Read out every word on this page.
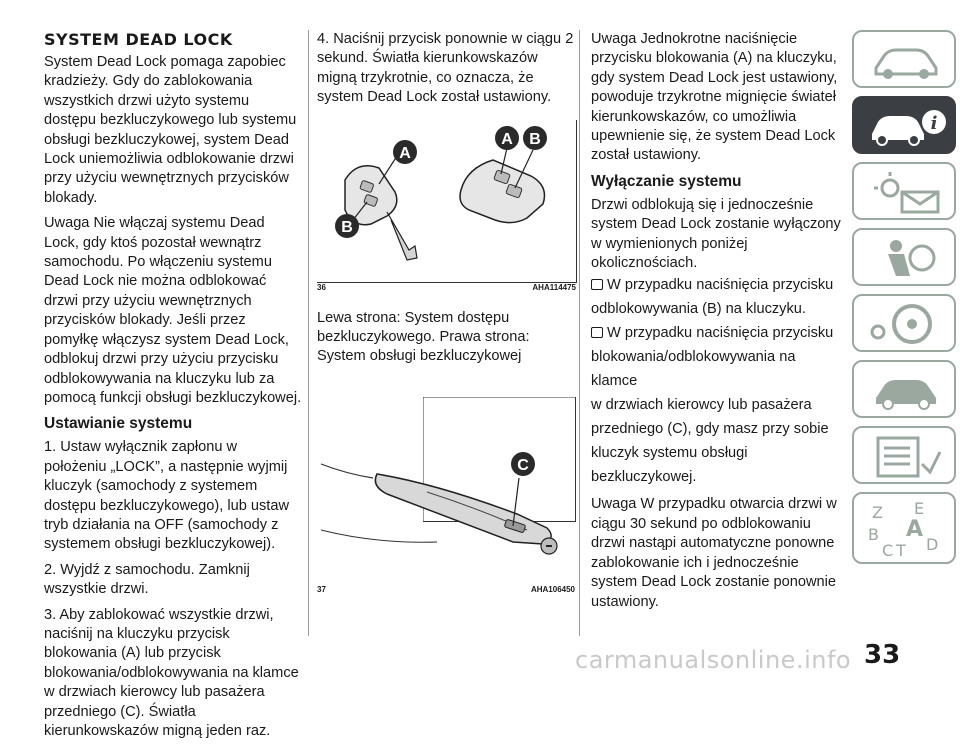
SYSTEM DEAD LOCK

System Dead Lock pomaga zapobiec kradzieży. Gdy do zablokowania wszystkich drzwi użyto systemu dostępu bezkluczykowego lub systemu obsługi bezkluczykowej, system Dead Lock uniemożliwia odblokowanie drzwi przy użyciu wewnętrznych przycisków blokady.

Uwaga Nie włączaj systemu Dead Lock, gdy ktoś pozostał wewnątrz samochodu. Po włączeniu systemu Dead Lock nie można odblokować drzwi przy użyciu wewnętrznych przycisków blokady. Jeśli przez pomyłkę włączysz system Dead Lock, odblokuj drzwi przy użyciu przycisku odblokowywania na kluczyku lub za pomocą funkcji obsługi bezkluczykowej.

Ustawianie systemu

1. Ustaw wyłącznik zapłonu w położeniu „LOCK”, a następnie wyjmij kluczyk (samochody z systemem dostępu bezkluczykowego), lub ustaw tryb działania na OFF (samochody z systemem obsługi bezkluczykowej).

2. Wyjdź z samochodu. Zamknij wszystkie drzwi.

3. Aby zablokować wszystkie drzwi, naciśnij na kluczyku przycisk blokowania (A) lub przycisk blokowania/odblokowywania na klamce w drzwiach kierowcy lub pasażera przedniego (C). Światła kierunkowskazów migną jeden raz.

4. Naciśnij przycisk ponownie w ciągu 2 sekund. Światła kierunkowskazów migną trzykrotnie, co oznacza, że system Dead Lock został ustawiony.

A
B
A B
36	AHA114475

Lewa strona: System dostępu bezkluczykowego. Prawa strona: System obsługi bezkluczykowej

C
37	AHA106450

Uwaga Jednokrotne naciśnięcie przycisku blokowania (A) na kluczyku, gdy system Dead Lock jest ustawiony, powoduje trzykrotne mignięcie świateł kierunkowskazów, co umożliwia upewnienie się, że system Dead Lock został ustawiony.

Wyłączanie systemu

Drzwi odblokują się i jednocześnie system Dead Lock zostanie wyłączony w wymienionych poniżej okolicznościach.

W przypadku naciśnięcia przycisku
odblokowywania (B) na kluczyku.
W przypadku naciśnięcia przycisku
blokowania/odblokowywania na klamce
w drzwiach kierowcy lub pasażera
przedniego (C), gdy masz przy sobie
kluczyk systemu obsługi
bezkluczykowej.

Uwaga W przypadku otwarcia drzwi w ciągu 30 sekund po odblokowaniu drzwi nastąpi automatyczne ponowne zablokowanie ich i jednocześnie system Dead Lock zostanie ponownie ustawiony.

i
Z E
B A
C T D
carmanualsonline.info 33
